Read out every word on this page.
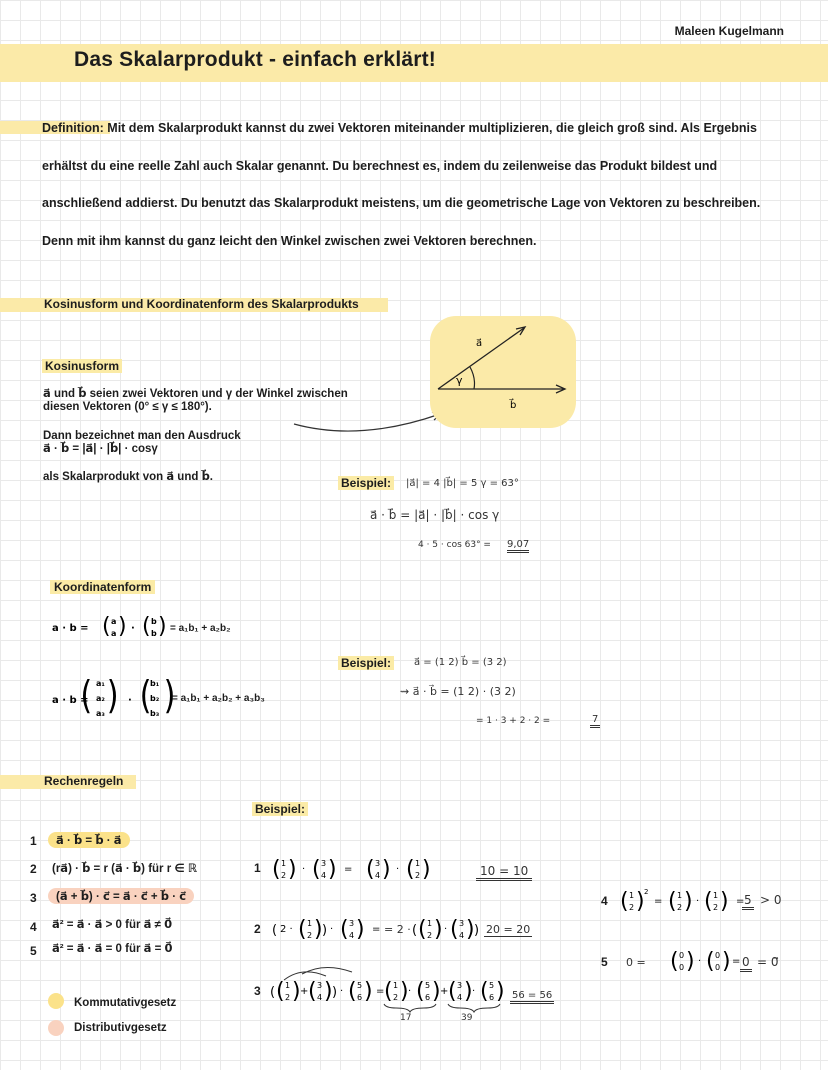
Maleen Kugelmann
Das Skalarprodukt - einfach erklärt!
Definition: Mit dem Skalarprodukt kannst du zwei Vektoren miteinander multiplizieren, die gleich groß sind. Als Ergebnis erhältst du eine reelle Zahl auch Skalar genannt. Du berechnest es, indem du zeilenweise das Produkt bildest und anschließend addierst. Du benutzt das Skalarprodukt meistens, um die geometrische Lage von Vektoren zu beschreiben. Denn mit ihm kannst du ganz leicht den Winkel zwischen zwei Vektoren berechnen.
Kosinusform und Koordinatenform des Skalarprodukts
Kosinusform
a⃗ und b⃗ seien zwei Vektoren und γ der Winkel zwischen
diesen Vektoren (0° ≤ γ ≤ 180°).
Dann bezeichnet man den Ausdruck
a⃗ · b⃗ = |a⃗| · |b⃗| · cosγ
als Skalarprodukt von a⃗ und b⃗.
a⃗
b⃗
γ
Beispiel:	|a⃗| = 4 |b⃗| = 5 γ = 63°
a⃗ · b⃗ = |a⃗| · |b⃗| · cos γ
4 · 5 · cos 63° = 9,07
Koordinatenform
a · b = ( a
a ) · ( b
b ) = a₁b₁ + a₂b₂
a · b =
( a₁
a₂
a₃ ) · (
b₁
b₂
b₃ )
= a₁b₁ + a₂b₂ + a₃b₃
Beispiel:	a⃗ = (1 2) b⃗ = (3 2)
⇝ a⃗ · b⃗ = (1 2) · (3 2)
= 1 · 3 + 2 · 2 =	7
Rechenregeln
Beispiel:
1	a⃗ · b⃗ = b⃗ · a⃗
2 (ra⃗) · b⃗ = r (a⃗ · b⃗) für r ∈ ℝ
3	(a⃗ + b⃗) · c⃗ = a⃗ · c⃗ + b⃗ · c⃗
4 a⃗² = a⃗ · a⃗ > 0 für a⃗ ≠ 0⃗
5 a⃗² = a⃗ · a⃗ = 0 für a⃗ = 0⃗
1 ( 1
2 ) · ( 3
4 ) = ( 3
4 ) · ( 1
2 )	10 = 10
2 ( 2 · ( 1
2 ) ) · ( 3
4 ) = = 2 · ( ( 1
2 ) · ( 3
4 ) ) 20 = 20
3 ( ( 1
2 ) + ( 3
4 ) ) · ( 5
6 ) = ( 1
2 ) · ( 5
6 ) + ( 3
4 ) · ( 5
6 )
17	39
56 = 56
4 ( 1
2 ) 2
= ( 1
2 ) · ( 1
2 ) = 5 > 0
5 0 = ( 0
0 ) · ( 0
0 ) = 0 = 0⃗
Kommutativgesetz
Distributivgesetz
